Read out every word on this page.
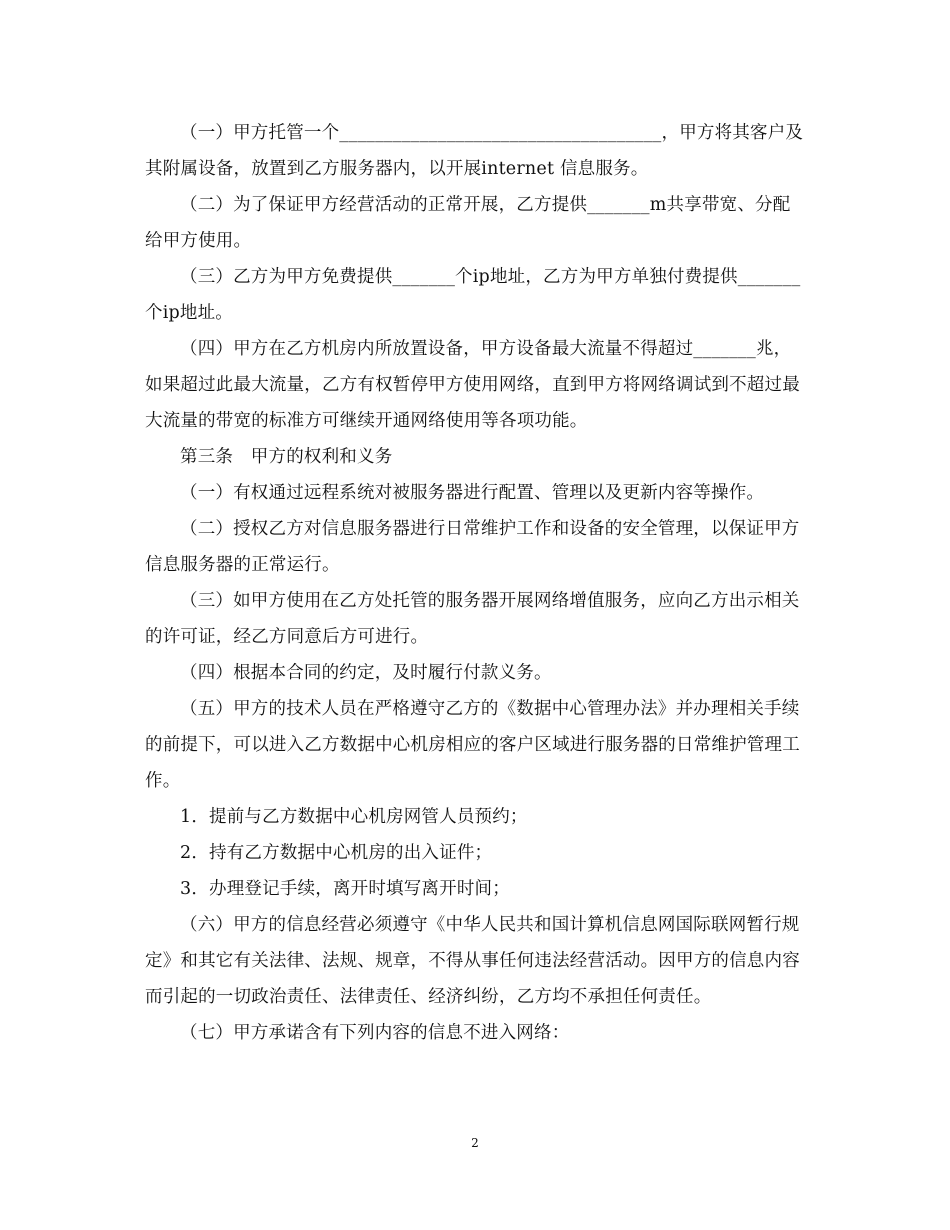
（一）甲方托管一个____________________________________，甲方将其客户及其附属设备，放置到乙方服务器内，以开展internet 信息服务。

（二）为了保证甲方经营活动的正常开展，乙方提供_______m共享带宽、分配给甲方使用。

（三）乙方为甲方免费提供_______个ip地址，乙方为甲方单独付费提供_______个ip地址。

（四）甲方在乙方机房内所放置设备，甲方设备最大流量不得超过_______兆，如果超过此最大流量，乙方有权暂停甲方使用网络，直到甲方将网络调试到不超过最大流量的带宽的标准方可继续开通网络使用等各项功能。

第三条　甲方的权利和义务

（一）有权通过远程系统对被服务器进行配置、管理以及更新内容等操作。

（二）授权乙方对信息服务器进行日常维护工作和设备的安全管理，以保证甲方信息服务器的正常运行。

（三）如甲方使用在乙方处托管的服务器开展网络增值服务，应向乙方出示相关的许可证，经乙方同意后方可进行。

（四）根据本合同的约定，及时履行付款义务。

（五）甲方的技术人员在严格遵守乙方的《数据中心管理办法》并办理相关手续的前提下，可以进入乙方数据中心机房相应的客户区域进行服务器的日常维护管理工作。

1．提前与乙方数据中心机房网管人员预约；

2．持有乙方数据中心机房的出入证件；

3．办理登记手续，离开时填写离开时间；

（六）甲方的信息经营必须遵守《中华人民共和国计算机信息网国际联网暂行规定》和其它有关法律、法规、规章，不得从事任何违法经营活动。因甲方的信息内容而引起的一切政治责任、法律责任、经济纠纷，乙方均不承担任何责任。

（七）甲方承诺含有下列内容的信息不进入网络：

2
